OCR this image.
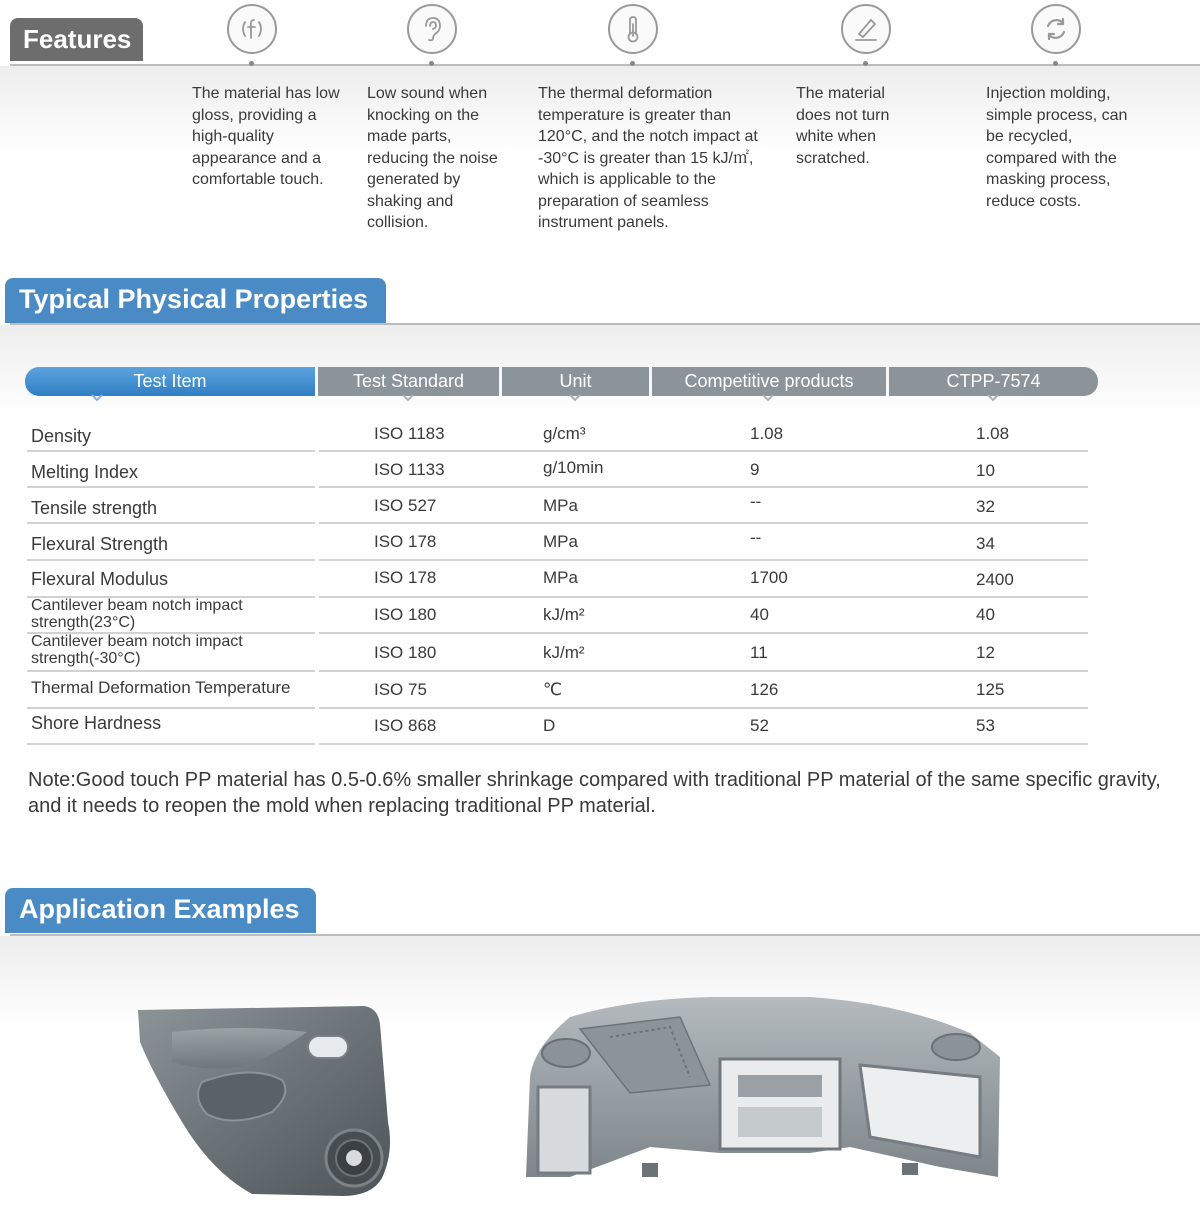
Features
The material has low gloss, providing a high-quality appearance and a comfortable touch.
Low sound when knocking on the made parts, reducing the noise generated by shaking and collision.
The thermal deformation temperature is greater than 120°C, and the notch impact at -30°C is greater than 15 kJ/㎡, which is applicable to the preparation of seamless instrument panels.
The material does not turn white when scratched.
Injection molding, simple process, can be recycled, compared with the masking process, reduce costs.
Typical Physical Properties
Test Item	Test Standard	Unit	Competitive products	CTPP-7574
Density	ISO 1183	g/cm³	1.08	1.08
Melting Index	ISO 1133	g/10min	9	10
Tensile strength	ISO 527	MPa	--	32
Flexural Strength	ISO 178	MPa	--	34
Flexural Modulus	ISO 178	MPa	1700	2400
Cantilever beam notch impact strength(23°C)	ISO 180	kJ/m²	40	40
Cantilever beam notch impact strength(-30°C)	ISO 180	kJ/m²	11	12
Thermal Deformation Temperature	ISO 75	℃	126	125
Shore Hardness	ISO 868	D	52	53
Note:Good touch PP material has 0.5-0.6% smaller shrinkage compared with traditional PP material of the same specific gravity, and it needs to reopen the mold when replacing traditional PP material.
Application Examples
